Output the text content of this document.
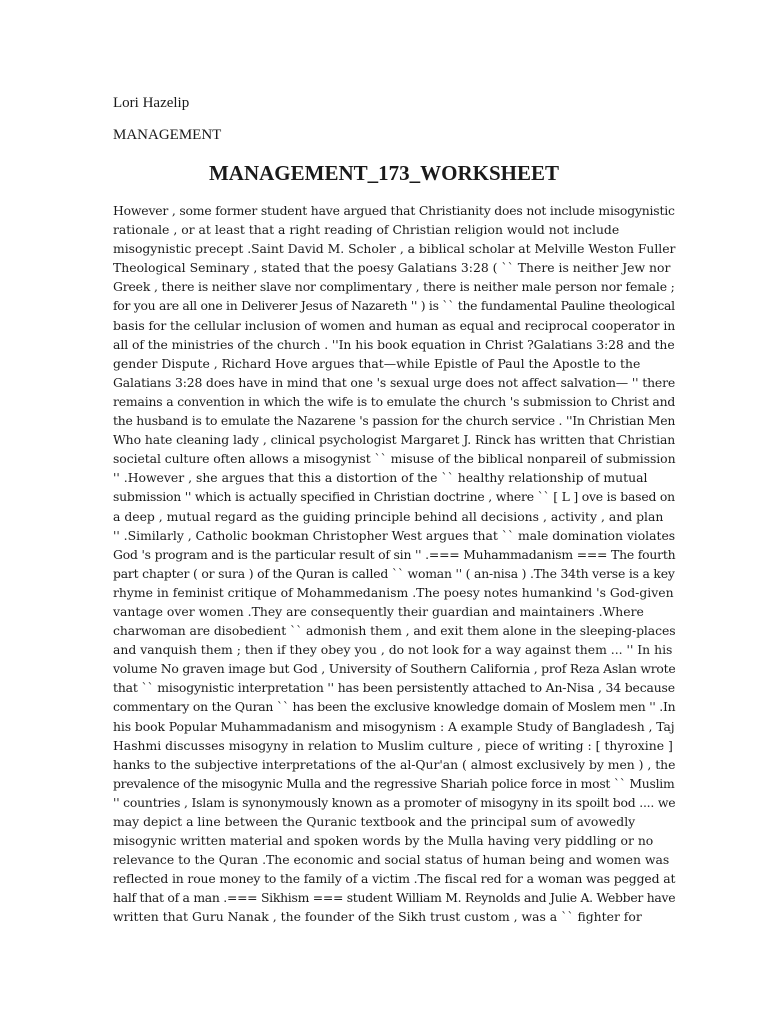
Lori Hazelip
MANAGEMENT
MANAGEMENT_173_WORKSHEET
However , some former student have argued that Christianity does not include misogynistic
rationale , or at least that a right reading of Christian religion would not include
misogynistic precept .Saint David M. Scholer , a biblical scholar at Melville Weston Fuller
Theological Seminary , stated that the poesy Galatians 3:28 ( `` There is neither Jew nor
Greek , there is neither slave nor complimentary , there is neither male person nor female ;
for you are all one in Deliverer Jesus of Nazareth '' ) is `` the fundamental Pauline theological
basis for the cellular inclusion of women and human as equal and reciprocal cooperator in
all of the ministries of the church . ''In his book equation in Christ ?Galatians 3:28 and the
gender Dispute , Richard Hove argues that—while Epistle of Paul the Apostle to the
Galatians 3:28 does have in mind that one 's sexual urge does not affect salvation— '' there
remains a convention in which the wife is to emulate the church 's submission to Christ and
the husband is to emulate the Nazarene 's passion for the church service . ''In Christian Men
Who hate cleaning lady , clinical psychologist Margaret J. Rinck has written that Christian
societal culture often allows a misogynist `` misuse of the biblical nonpareil of submission
'' .However , she argues that this a distortion of the `` healthy relationship of mutual
submission '' which is actually specified in Christian doctrine , where `` [ L ] ove is based on
a deep , mutual regard as the guiding principle behind all decisions , activity , and plan
'' .Similarly , Catholic bookman Christopher West argues that `` male domination violates
God 's program and is the particular result of sin '' .=== Muhammadanism === The fourth
part chapter ( or sura ) of the Quran is called `` woman '' ( an-nisa ) .The 34th verse is a key
rhyme in feminist critique of Mohammedanism .The poesy notes humankind 's God-given
vantage over women .They are consequently their guardian and maintainers .Where
charwoman are disobedient `` admonish them , and exit them alone in the sleeping-places
and vanquish them ; then if they obey you , do not look for a way against them ... '' In his
volume No graven image but God , University of Southern California , prof Reza Aslan wrote
that `` misogynistic interpretation '' has been persistently attached to An-Nisa , 34 because
commentary on the Quran `` has been the exclusive knowledge domain of Moslem men '' .In
his book Popular Muhammadanism and misogynism : A example Study of Bangladesh , Taj
Hashmi discusses misogyny in relation to Muslim culture , piece of writing : [ thyroxine ]
hanks to the subjective interpretations of the al-Qur'an ( almost exclusively by men ) , the
prevalence of the misogynic Mulla and the regressive Shariah police force in most `` Muslim
'' countries , Islam is synonymously known as a promoter of misogyny in its spoilt bod .... we
may depict a line between the Quranic textbook and the principal sum of avowedly
misogynic written material and spoken words by the Mulla having very piddling or no
relevance to the Quran .The economic and social status of human being and women was
reflected in roue money to the family of a victim .The fiscal red for a woman was pegged at
half that of a man .=== Sikhism === student William M. Reynolds and Julie A. Webber have
written that Guru Nanak , the founder of the Sikh trust custom , was a `` fighter for
